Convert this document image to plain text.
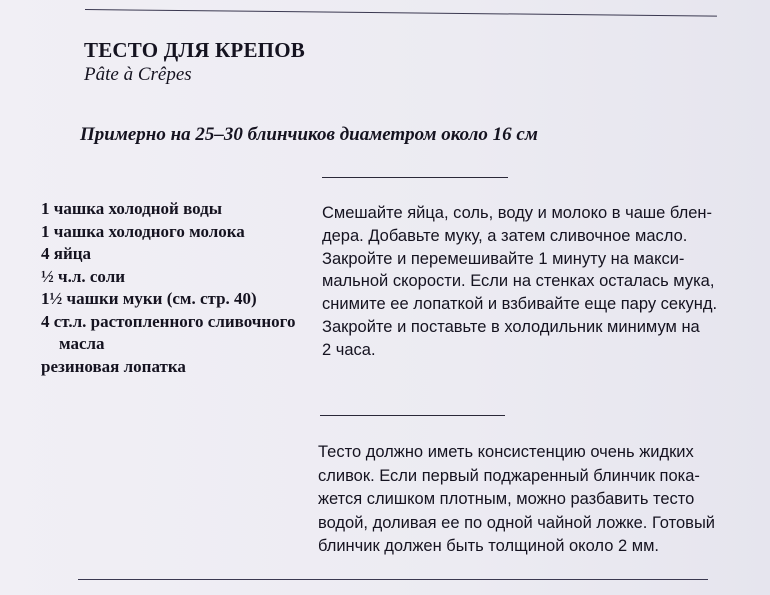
ТЕСТО ДЛЯ КРЕПОВ
Pâte à Crêpes
Примерно на 25–30 блинчиков диаметром около 16 см
1 чашка холодной воды
1 чашка холодного молока
4 яйца
½ ч.л. соли
1½ чашки муки (см. стр. 40)
4 ст.л. растопленного сливочного масла
резиновая лопатка

Смешайте яйца, соль, воду и молоко в чаше блен-
дера. Добавьте муку, а затем сливочное масло.
Закройте и перемешивайте 1 минуту на макси-
мальной скорости. Если на стенках осталась мука,
снимите ее лопаткой и взбивайте еще пару секунд.
Закройте и поставьте в холодильник минимум на
2 часа.

Тесто должно иметь консистенцию очень жидких
сливок. Если первый поджаренный блинчик пока-
жется слишком плотным, можно разбавить тесто
водой, доливая ее по одной чайной ложке. Готовый
блинчик должен быть толщиной около 2 мм.
